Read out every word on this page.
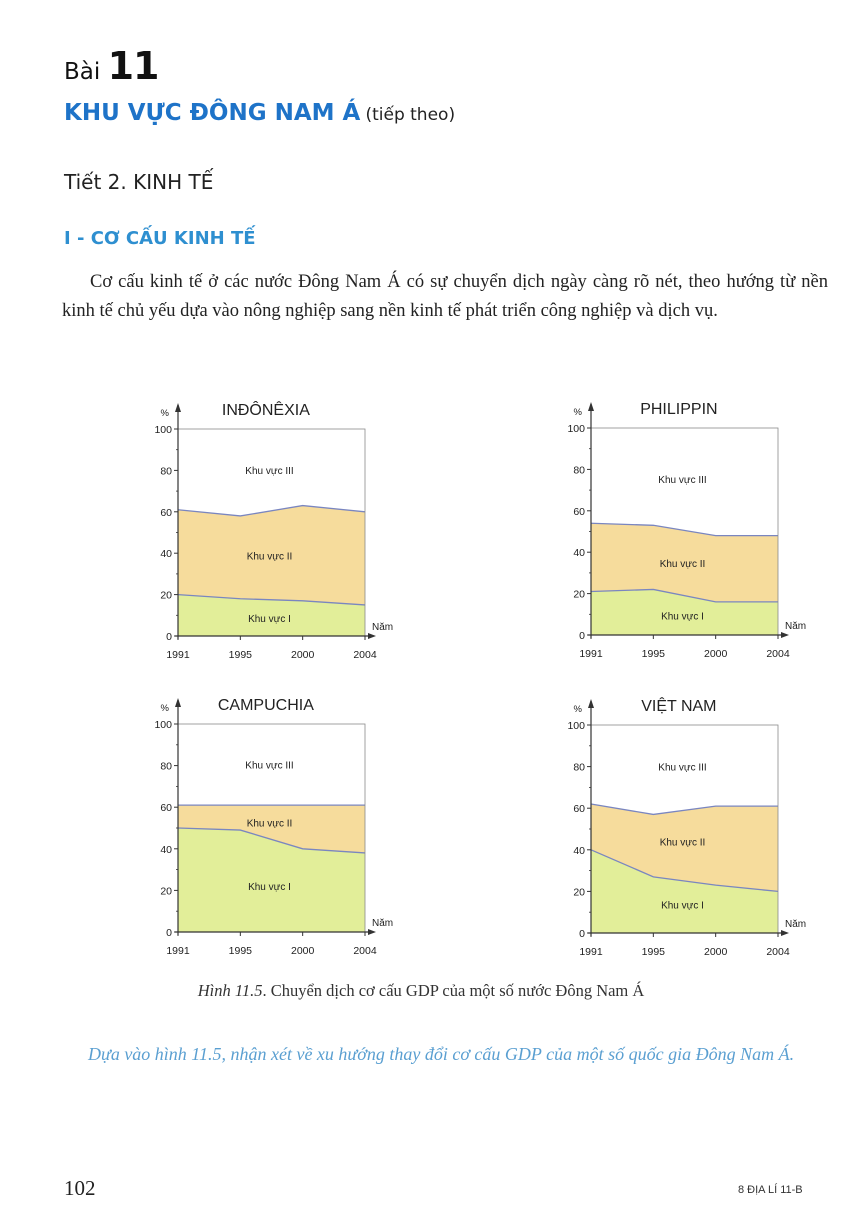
Bài 11
KHU VỰC ĐÔNG NAM Á (tiếp theo)
Tiết 2. KINH TẾ
I - CƠ CẤU KINH TẾ
Cơ cấu kinh tế ở các nước Đông Nam Á có sự chuyển dịch ngày càng rõ nét, theo hướng từ nền kinh tế chủ yếu dựa vào nông nghiệp sang nền kinh tế phát triển công nghiệp và dịch vụ.
0
20
40
60
80
100
1991	1995	2000	2004
%
Năm
INĐÔNÊXIA
Khu vực I
Khu vực II
Khu vực III
0
20
40
60
80
100
1991	1995	2000	2004
%
Năm
PHILIPPIN
Khu vực I
Khu vực II
Khu vực III
0
20
40
60
80
100
1991	1995	2000	2004
%
Năm
CAMPUCHIA
Khu vực I
Khu vực II
Khu vực III
0
20
40
60
80
100
1991	1995	2000	2004
%
Năm
VIỆT NAM
Khu vực I
Khu vực II
Khu vực III
Hình 11.5. Chuyển dịch cơ cấu GDP của một số nước Đông Nam Á
Dựa vào hình 11.5, nhận xét về xu hướng thay đổi cơ cấu GDP của một số quốc gia Đông Nam Á.
102	8 ĐỊA LÍ 11-B
